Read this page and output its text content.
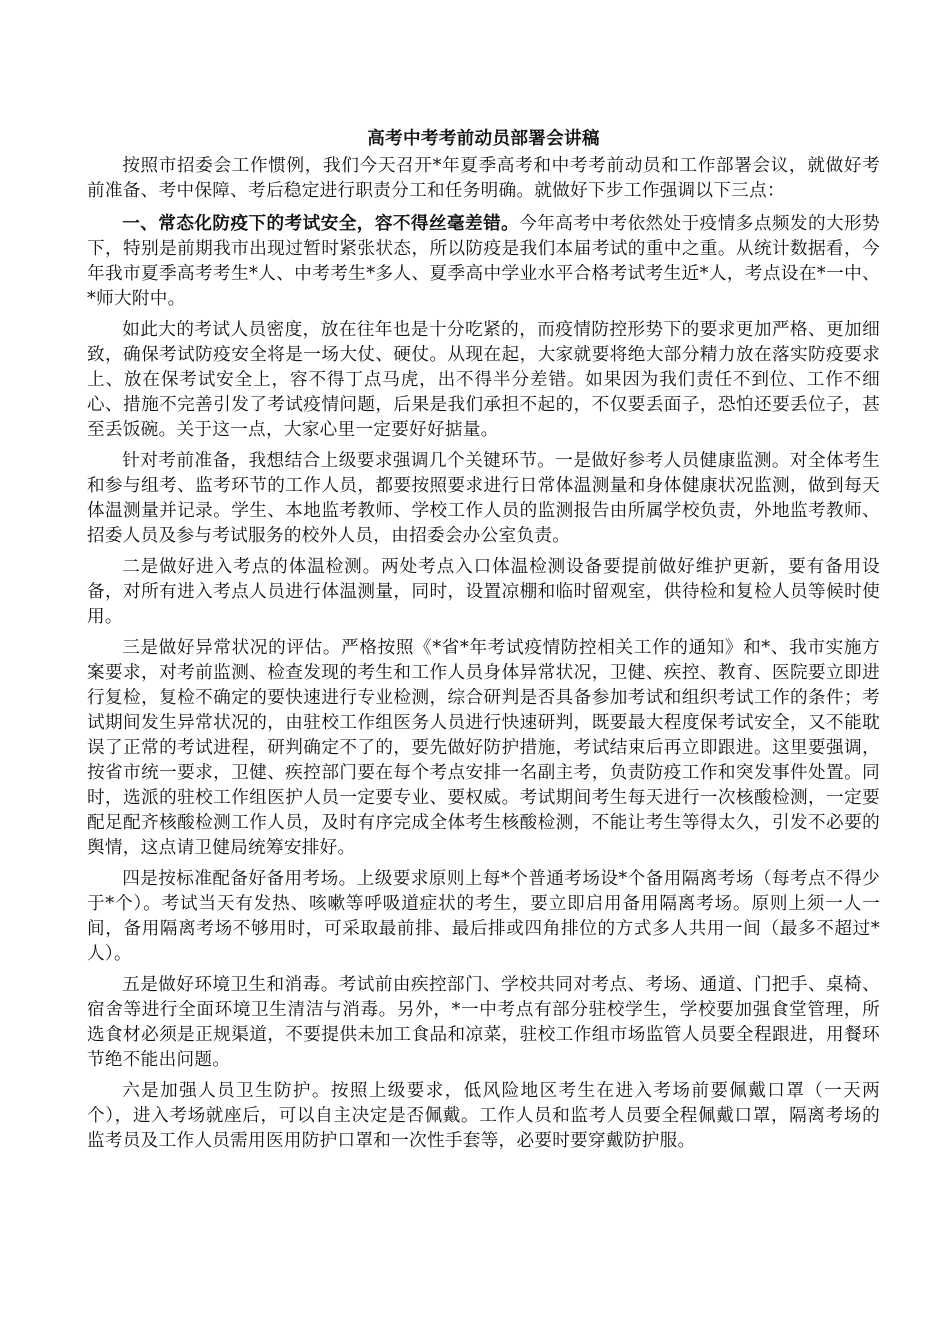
高考中考考前动员部署会讲稿

按照市招委会工作惯例，我们今天召开*年夏季高考和中考考前动员和工作部署会议，就做好考前准备、考中保障、考后稳定进行职责分工和任务明确。就做好下步工作强调以下三点：

一、常态化防疫下的考试安全，容不得丝毫差错。今年高考中考依然处于疫情多点频发的大形势下，特别是前期我市出现过暂时紧张状态，所以防疫是我们本届考试的重中之重。从统计数据看，今年我市夏季高考考生*人、中考考生*多人、夏季高中学业水平合格考试考生近*人，考点设在*一中、*师大附中。

如此大的考试人员密度，放在往年也是十分吃紧的，而疫情防控形势下的要求更加严格、更加细致，确保考试防疫安全将是一场大仗、硬仗。从现在起，大家就要将绝大部分精力放在落实防疫要求上、放在保考试安全上，容不得丁点马虎，出不得半分差错。如果因为我们责任不到位、工作不细心、措施不完善引发了考试疫情问题，后果是我们承担不起的，不仅要丢面子，恐怕还要丢位子，甚至丢饭碗。关于这一点，大家心里一定要好好掂量。

针对考前准备，我想结合上级要求强调几个关键环节。一是做好参考人员健康监测。对全体考生和参与组考、监考环节的工作人员，都要按照要求进行日常体温测量和身体健康状况监测，做到每天体温测量并记录。学生、本地监考教师、学校工作人员的监测报告由所属学校负责，外地监考教师、招委人员及参与考试服务的校外人员，由招委会办公室负责。

二是做好进入考点的体温检测。两处考点入口体温检测设备要提前做好维护更新，要有备用设备，对所有进入考点人员进行体温测量，同时，设置凉棚和临时留观室，供待检和复检人员等候时使用。

三是做好异常状况的评估。严格按照《*省*年考试疫情防控相关工作的通知》和*、我市实施方案要求，对考前监测、检查发现的考生和工作人员身体异常状况，卫健、疾控、教育、医院要立即进行复检，复检不确定的要快速进行专业检测，综合研判是否具备参加考试和组织考试工作的条件；考试期间发生异常状况的，由驻校工作组医务人员进行快速研判，既要最大程度保考试安全，又不能耽误了正常的考试进程，研判确定不了的，要先做好防护措施，考试结束后再立即跟进。这里要强调，按省市统一要求，卫健、疾控部门要在每个考点安排一名副主考，负责防疫工作和突发事件处置。同时，选派的驻校工作组医护人员一定要专业、要权威。考试期间考生每天进行一次核酸检测，一定要配足配齐核酸检测工作人员，及时有序完成全体考生核酸检测，不能让考生等得太久，引发不必要的舆情，这点请卫健局统筹安排好。

四是按标准配备好备用考场。上级要求原则上每*个普通考场设*个备用隔离考场（每考点不得少于*个）。考试当天有发热、咳嗽等呼吸道症状的考生，要立即启用备用隔离考场。原则上须一人一间，备用隔离考场不够用时，可采取最前排、最后排或四角排位的方式多人共用一间（最多不超过*人）。

五是做好环境卫生和消毒。考试前由疾控部门、学校共同对考点、考场、通道、门把手、桌椅、宿舍等进行全面环境卫生清洁与消毒。另外，*一中考点有部分驻校学生，学校要加强食堂管理，所选食材必须是正规渠道，不要提供未加工食品和凉菜，驻校工作组市场监管人员要全程跟进，用餐环节绝不能出问题。

六是加强人员卫生防护。按照上级要求，低风险地区考生在进入考场前要佩戴口罩（一天两个），进入考场就座后，可以自主决定是否佩戴。工作人员和监考人员要全程佩戴口罩，隔离考场的监考员及工作人员需用医用防护口罩和一次性手套等，必要时要穿戴防护服。
